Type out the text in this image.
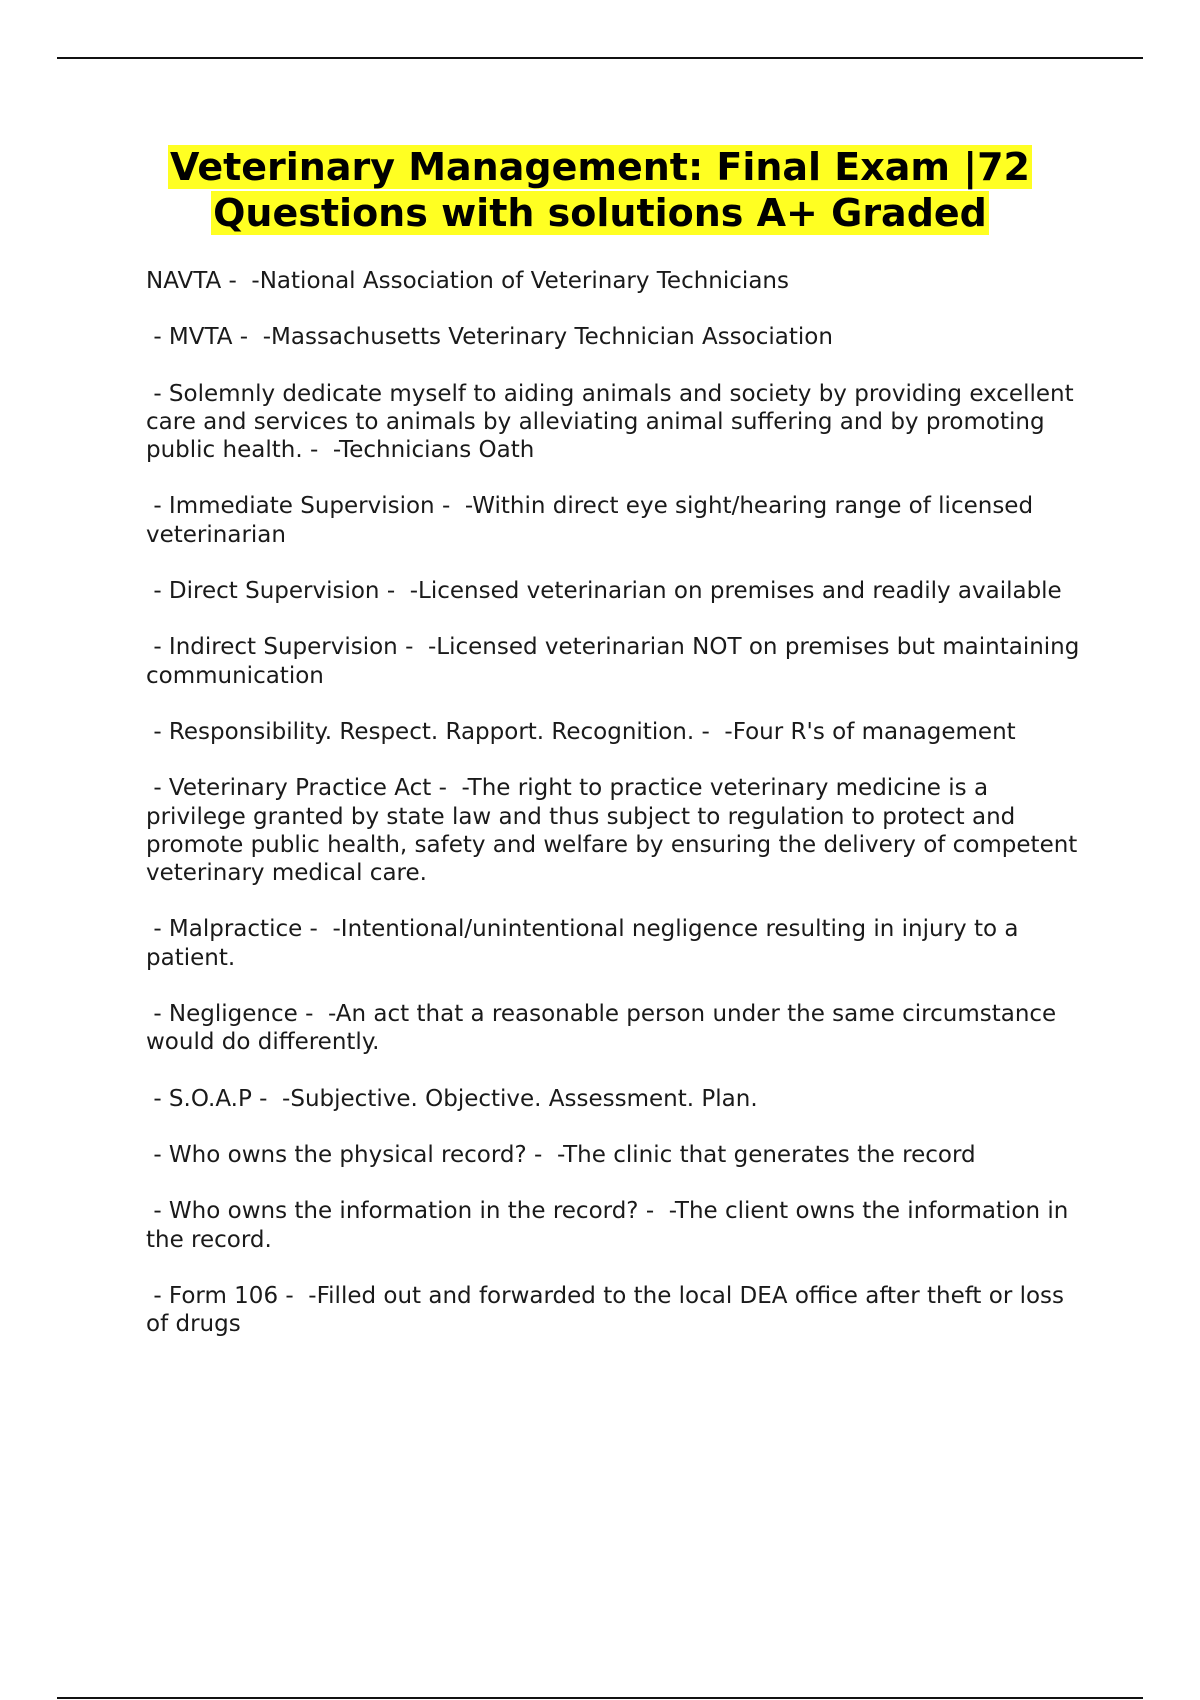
Veterinary Management: Final Exam |72
Questions with solutions A+ Graded

NAVTA -  -National Association of Veterinary Technicians

- MVTA -  -Massachusetts Veterinary Technician Association

- Solemnly dedicate myself to aiding animals and society by providing excellent care and services to animals by alleviating animal suffering and by promoting public health. -  -Technicians Oath

- Immediate Supervision -  -Within direct eye sight/hearing range of licensed veterinarian

- Direct Supervision -  -Licensed veterinarian on premises and readily available

- Indirect Supervision -  -Licensed veterinarian NOT on premises but maintaining communication

- Responsibility. Respect. Rapport. Recognition. -  -Four R's of management

- Veterinary Practice Act -  -The right to practice veterinary medicine is a privilege granted by state law and thus subject to regulation to protect and promote public health, safety and welfare by ensuring the delivery of competent veterinary medical care.

- Malpractice -  -Intentional/unintentional negligence resulting in injury to a patient.

- Negligence -  -An act that a reasonable person under the same circumstance would do differently.

- S.O.A.P -  -Subjective. Objective. Assessment. Plan.

- Who owns the physical record? -  -The clinic that generates the record

- Who owns the information in the record? -  -The client owns the information in the record.

- Form 106 -  -Filled out and forwarded to the local DEA office after theft or loss of drugs
